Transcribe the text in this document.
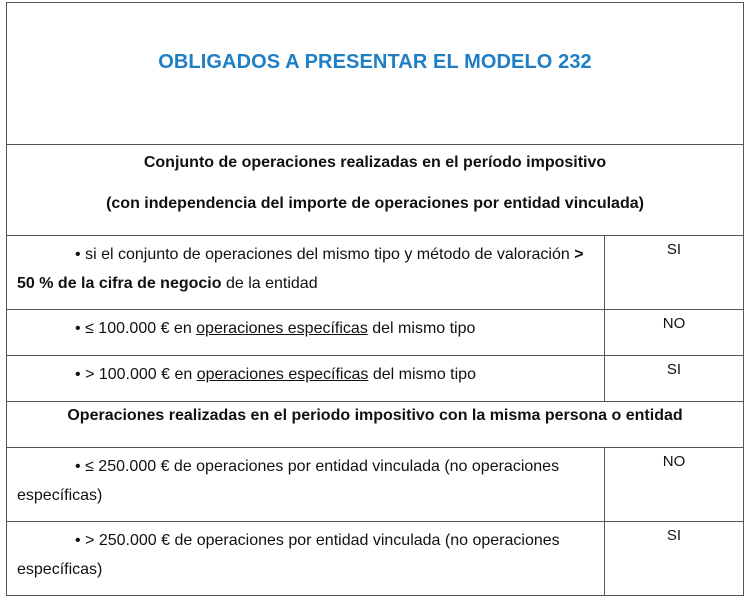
OBLIGADOS A PRESENTAR EL MODELO 232
Conjunto de operaciones realizadas en el período impositivo
(con independencia del importe de operaciones por entidad vinculada)
• si el conjunto de operaciones del mismo tipo y método de valoración > 50 % de la cifra de negocio de la entidad
SI
• ≤ 100.000 € en operaciones específicas del mismo tipo	NO
• > 100.000 € en operaciones específicas del mismo tipo	SI
Operaciones realizadas en el periodo impositivo con la misma persona o entidad
• ≤ 250.000 € de operaciones por entidad vinculada (no operaciones específicas)
NO
• > 250.000 € de operaciones por entidad vinculada (no operaciones específicas)
SI
